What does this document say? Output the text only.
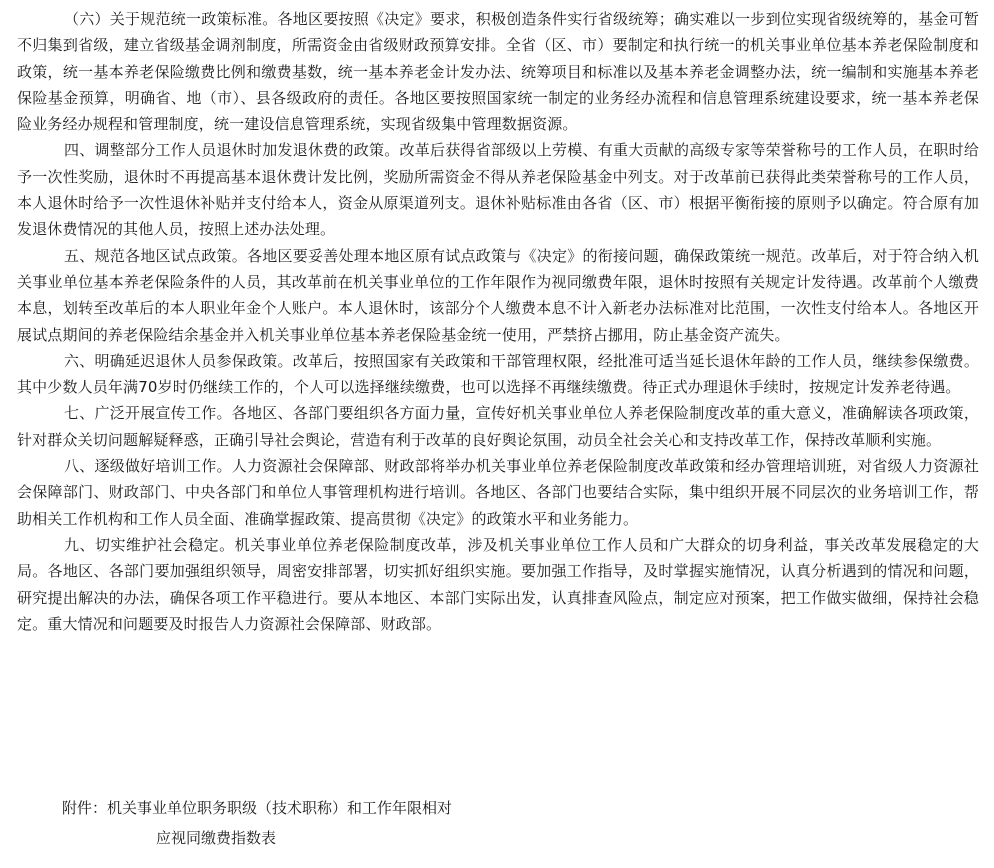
（六）关于规范统一政策标准。各地区要按照《决定》要求，积极创造条件实行省级统筹；确实难以一步到位实现省级统筹的，基金可暂不归集到省级，建立省级基金调剂制度，所需资金由省级财政预算安排。全省（区、市）要制定和执行统一的机关事业单位基本养老保险制度和政策，统一基本养老保险缴费比例和缴费基数，统一基本养老金计发办法、统筹项目和标准以及基本养老金调整办法，统一编制和实施基本养老保险基金预算，明确省、地（市）、县各级政府的责任。各地区要按照国家统一制定的业务经办流程和信息管理系统建设要求，统一基本养老保险业务经办规程和管理制度，统一建设信息管理系统，实现省级集中管理数据资源。

四、调整部分工作人员退休时加发退休费的政策。改革后获得省部级以上劳模、有重大贡献的高级专家等荣誉称号的工作人员，在职时给予一次性奖励，退休时不再提高基本退休费计发比例，奖励所需资金不得从养老保险基金中列支。对于改革前已获得此类荣誉称号的工作人员，本人退休时给予一次性退休补贴并支付给本人，资金从原渠道列支。退休补贴标准由各省（区、市）根据平衡衔接的原则予以确定。符合原有加发退休费情况的其他人员，按照上述办法处理。

五、规范各地区试点政策。各地区要妥善处理本地区原有试点政策与《决定》的衔接问题，确保政策统一规范。改革后，对于符合纳入机关事业单位基本养老保险条件的人员，其改革前在机关事业单位的工作年限作为视同缴费年限，退休时按照有关规定计发待遇。改革前个人缴费本息，划转至改革后的本人职业年金个人账户。本人退休时，该部分个人缴费本息不计入新老办法标准对比范围，一次性支付给本人。各地区开展试点期间的养老保险结余基金并入机关事业单位基本养老保险基金统一使用，严禁挤占挪用，防止基金资产流失。

六、明确延迟退休人员参保政策。改革后，按照国家有关政策和干部管理权限，经批准可适当延长退休年龄的工作人员，继续参保缴费。其中少数人员年满70岁时仍继续工作的，个人可以选择继续缴费，也可以选择不再继续缴费。待正式办理退休手续时，按规定计发养老待遇。

七、广泛开展宣传工作。各地区、各部门要组织各方面力量，宣传好机关事业单位人养老保险制度改革的重大意义，准确解读各项政策，针对群众关切问题解疑释惑，正确引导社会舆论，营造有利于改革的良好舆论氛围，动员全社会关心和支持改革工作，保持改革顺利实施。

八、逐级做好培训工作。人力资源社会保障部、财政部将举办机关事业单位养老保险制度改革政策和经办管理培训班，对省级人力资源社会保障部门、财政部门、中央各部门和单位人事管理机构进行培训。各地区、各部门也要结合实际，集中组织开展不同层次的业务培训工作，帮助相关工作机构和工作人员全面、准确掌握政策、提高贯彻《决定》的政策水平和业务能力。

九、切实维护社会稳定。机关事业单位养老保险制度改革，涉及机关事业单位工作人员和广大群众的切身利益，事关改革发展稳定的大局。各地区、各部门要加强组织领导，周密安排部署，切实抓好组织实施。要加强工作指导，及时掌握实施情况，认真分析遇到的情况和问题，研究提出解决的办法，确保各项工作平稳进行。要从本地区、本部门实际出发，认真排查风险点，制定应对预案，把工作做实做细，保持社会稳定。重大情况和问题要及时报告人力资源社会保障部、财政部。

附件：机关事业单位职务职级（技术职称）和工作年限相对
应视同缴费指数表
